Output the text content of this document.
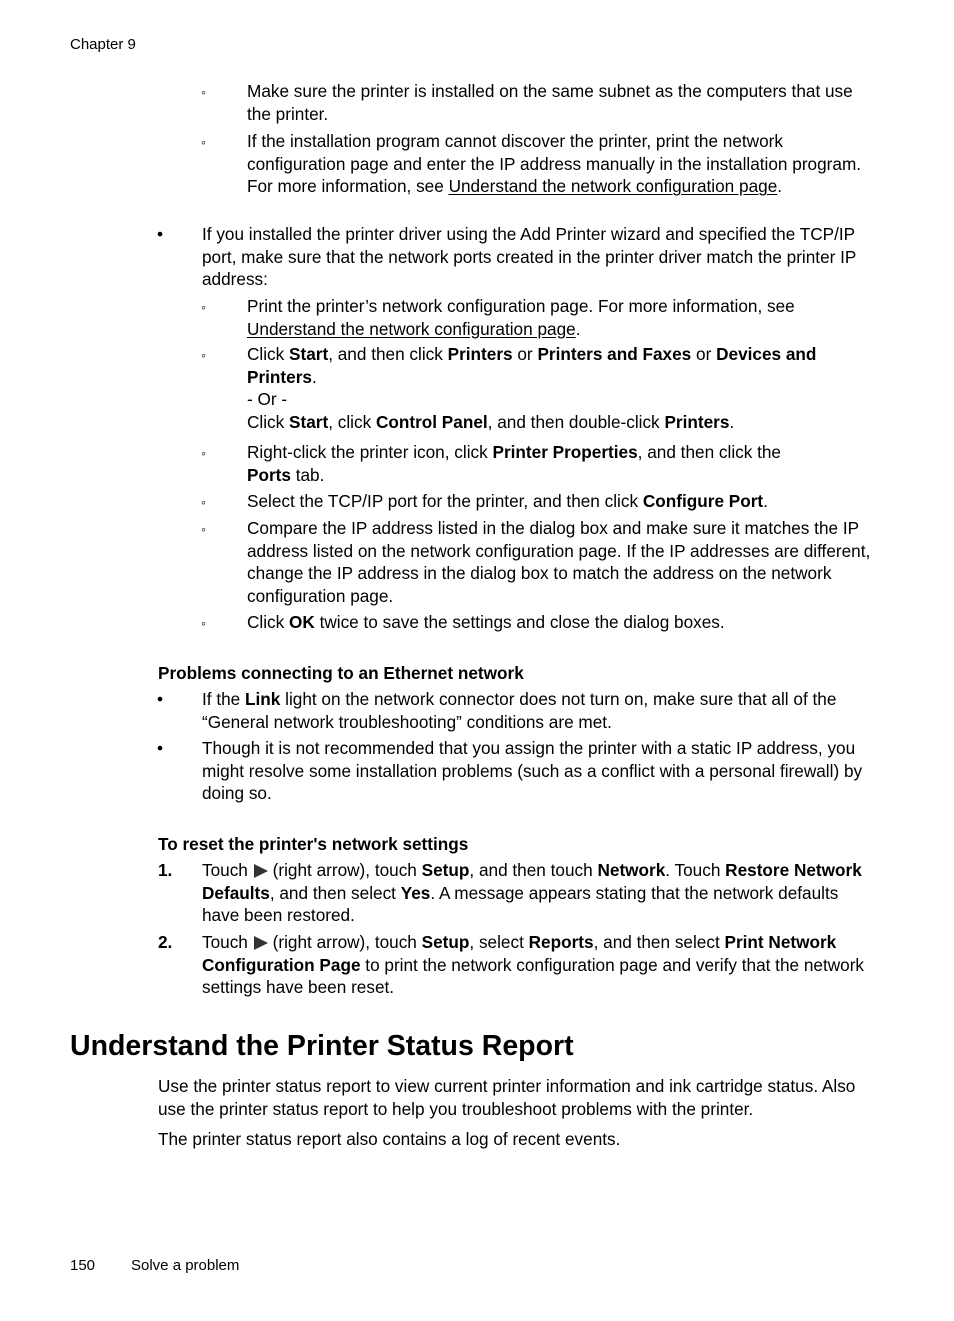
Chapter 9
◦ Make sure the printer is installed on the same subnet as the computers that use the printer.
◦ If the installation program cannot discover the printer, print the network configuration page and enter the IP address manually in the installation program. For more information, see Understand the network configuration page.
• If you installed the printer driver using the Add Printer wizard and specified the TCP/IP port, make sure that the network ports created in the printer driver match the printer IP address:
◦ Print the printer’s network configuration page. For more information, see Understand the network configuration page.
◦ Click Start, and then click Printers or Printers and Faxes or Devices and Printers.
- Or -
Click Start, click Control Panel, and then double-click Printers.
◦ Right-click the printer icon, click Printer Properties, and then click the
Ports tab.
◦ Select the TCP/IP port for the printer, and then click Configure Port.
◦ Compare the IP address listed in the dialog box and make sure it matches the IP address listed on the network configuration page. If the IP addresses are different, change the IP address in the dialog box to match the address on the network configuration page.
◦ Click OK twice to save the settings and close the dialog boxes.
Problems connecting to an Ethernet network
• If the Link light on the network connector does not turn on, make sure that all of the “General network troubleshooting” conditions are met.
• Though it is not recommended that you assign the printer with a static IP address, you might resolve some installation problems (such as a conflict with a personal firewall) by doing so.
To reset the printer's network settings
1. Touch (right arrow), touch Setup, and then touch Network. Touch Restore Network Defaults, and then select Yes. A message appears stating that the network defaults have been restored.
2. Touch (right arrow), touch Setup, select Reports, and then select Print Network Configuration Page to print the network configuration page and verify that the network settings have been reset.
Understand the Printer Status Report
Use the printer status report to view current printer information and ink cartridge status. Also use the printer status report to help you troubleshoot problems with the printer.
The printer status report also contains a log of recent events.
150 Solve a problem
